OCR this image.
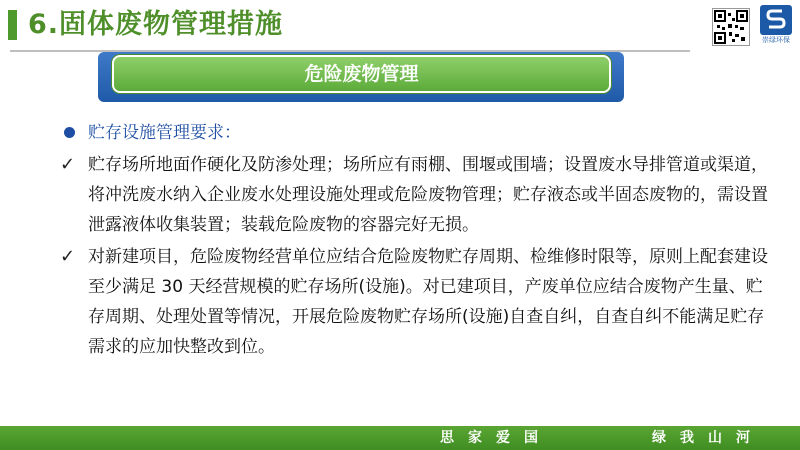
6.固体废物管理措施	崇绿环保
危险废物管理
贮存设施管理要求：
✓ 贮存场所地面作硬化及防渗处理；场所应有雨棚、围堰或围墙；设置废水导排管道或渠道，将冲洗废水纳入企业废水处理设施处理或危险废物管理；贮存液态或半固态废物的，需设置泄露液体收集装置；装载危险废物的容器完好无损。
✓ 对新建项目，危险废物经营单位应结合危险废物贮存周期、检维修时限等，原则上配套建设至少满足 30 天经营规模的贮存场所(设施)。对已建项目，产废单位应结合废物产生量、贮存周期、处理处置等情况，开展危险废物贮存场所(设施)自查自纠，自查自纠不能满足贮存需求的应加快整改到位。
思家爱国	绿我山河
